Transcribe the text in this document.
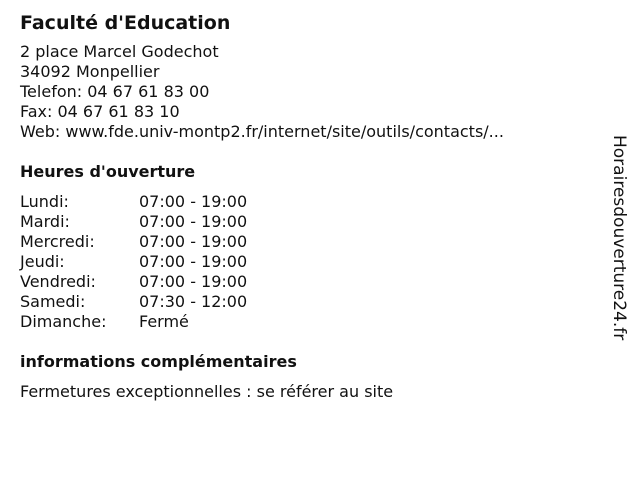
Faculté d'Education
2 place Marcel Godechot
34092 Monpellier
Telefon: 04 67 61 83 00
Fax: 04 67 61 83 10
Web: www.fde.univ-montp2.fr/internet/site/outils/contacts/...
Heures d'ouverture
Lundi:	07:00 - 19:00
Mardi:	07:00 - 19:00
Mercredi:	07:00 - 19:00
Jeudi:	07:00 - 19:00
Vendredi:	07:00 - 19:00
Samedi:	07:30 - 12:00
Dimanche:	Fermé
informations complémentaires
Fermetures exceptionnelles : se référer au site
Horairesdouverture24.fr
